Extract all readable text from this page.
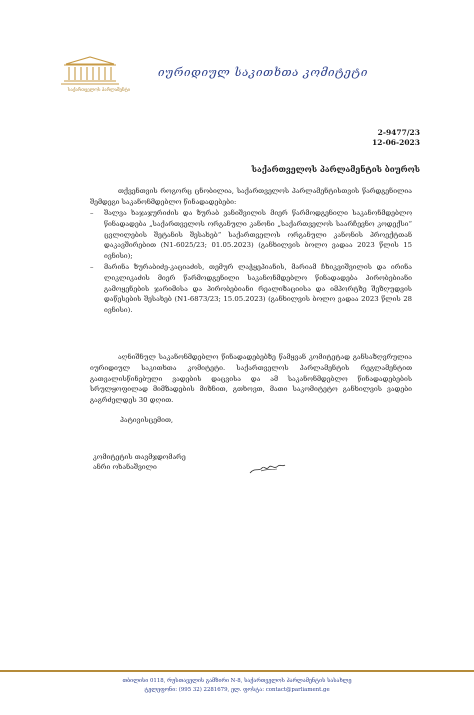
საქართველოს პარლამენტი
იურიდიულ საკითხთა კომიტეტი
2-9477/23
12-06-2023
საქართველოს პარლამენტის ბიუროს
თქვენთვის როგორც ცნობილია, საქართველოს პარლამენტისთვის წარდგენილია შემდეგი საკანონმდებლო წინადადებები:
– შალვა ხაჯაჯურიძის და ზურაბ ვანიშვილის მიერ წარმოდგენილი საკანონმდებლო წინადადება „საქართველოს ორგანული კანონი „საქართველოს საარჩევნო კოდექსი“ ცვლილების შეტანის შესახებ“ საქართველოს ორგანული კანონის პროექტთან დაკავშირებით (N1-6025/23; 01.05.2023) (განხილვის ბოლო ვადაა 2023 წლის 15 ივნისი);
– მარინა ზურაბიძე-კაციაძის, თემურ ლაჭყეპიანის, მარიამ ჩხიკვიშვილის და ირინა ლიკლიკაძის მიერ წარმოდგენილი საკანონმდებლო წინადადება პირობებიანი გამოყენების ჯარიმისა და პირობებიანი რეალიზაციისა და იმპორტზე შეზღუდვის დაწესების შესახებ (N1-6873/23; 15.05.2023) (განხილვის ბოლო ვადაა 2023 წლის 28 ივნისი).
აღნიშნულ საკანონმდებლო წინადადებებზე წამყვან კომიტეტად განსაზღვრულია იურიდიულ საკითხთა კომიტეტი. საქართველოს პარლამენტის რეგლამენტით გათვალისწინებული ვადების დაცვისა და ამ საკანონმდებლო წინადადებების სრულყოფილად მიმზადების მიზნით, გთხოვთ, მათი საკომიტეტო განხილვის ვადები გაგრძელდეს 30 დღით.
პატივისცემით,
კომიტეტის თავმჯდომარე
ანრი ოხანაშვილი
თბილისი 0118, რუსთაველის გამზირი N-8, საქართველოს პარლამენტის სასახლე
ტელეფონი: (995 32) 2281679, ელ. ფოსტა: contact@parliament.ge
